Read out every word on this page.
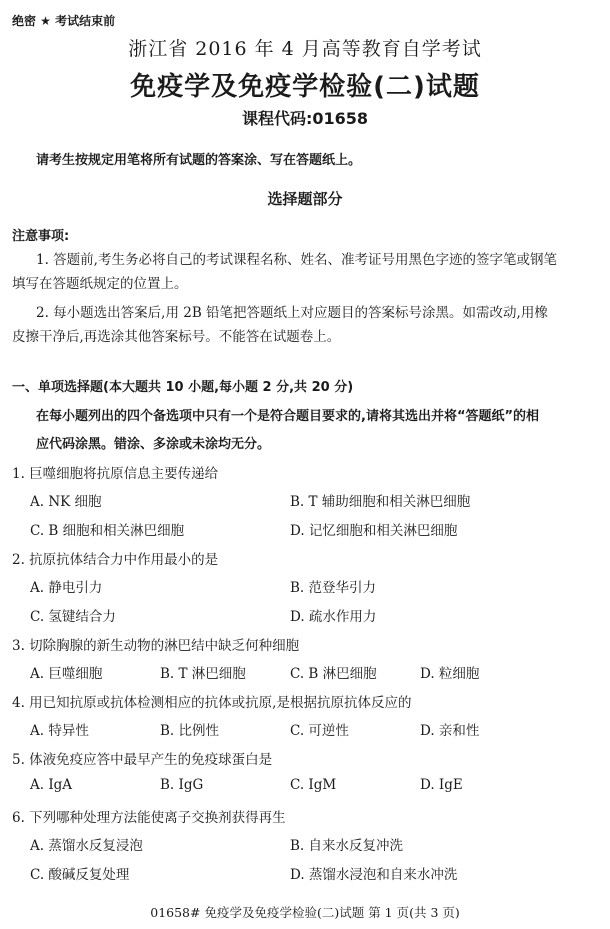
绝密 ★ 考试结束前
浙江省 2016 年 4 月高等教育自学考试
免疫学及免疫学检验(二)试题
课程代码:01658
请考生按规定用笔将所有试题的答案涂、写在答题纸上。
选择题部分
注意事项:
1. 答题前,考生务必将自己的考试课程名称、姓名、准考证号用黑色字迹的签字笔或钢笔
填写在答题纸规定的位置上。
2. 每小题选出答案后,用 2B 铅笔把答题纸上对应题目的答案标号涂黑。如需改动,用橡
皮擦干净后,再选涂其他答案标号。不能答在试题卷上。
一、单项选择题(本大题共 10 小题,每小题 2 分,共 20 分)
在每小题列出的四个备选项中只有一个是符合题目要求的,请将其选出并将“答题纸”的相
应代码涂黑。错涂、多涂或未涂均无分。
1. 巨噬细胞将抗原信息主要传递给
A. NK 细胞	B. T 辅助细胞和相关淋巴细胞
C. B 细胞和相关淋巴细胞	D. 记忆细胞和相关淋巴细胞
2. 抗原抗体结合力中作用最小的是
A. 静电引力	B. 范登华引力
C. 氢键结合力	D. 疏水作用力
3. 切除胸腺的新生动物的淋巴结中缺乏何种细胞
A. 巨噬细胞	B. T 淋巴细胞	C. B 淋巴细胞	D. 粒细胞
4. 用已知抗原或抗体检测相应的抗体或抗原,是根据抗原抗体反应的
A. 特异性	B. 比例性	C. 可逆性	D. 亲和性
5. 体液免疫应答中最早产生的免疫球蛋白是
A. IgA	B. IgG	C. IgM	D. IgE
6. 下列哪种处理方法能使离子交换剂获得再生
A. 蒸馏水反复浸泡	B. 自来水反复冲洗
C. 酸碱反复处理	D. 蒸馏水浸泡和自来水冲洗
01658# 免疫学及免疫学检验(二)试题 第 1 页(共 3 页)
